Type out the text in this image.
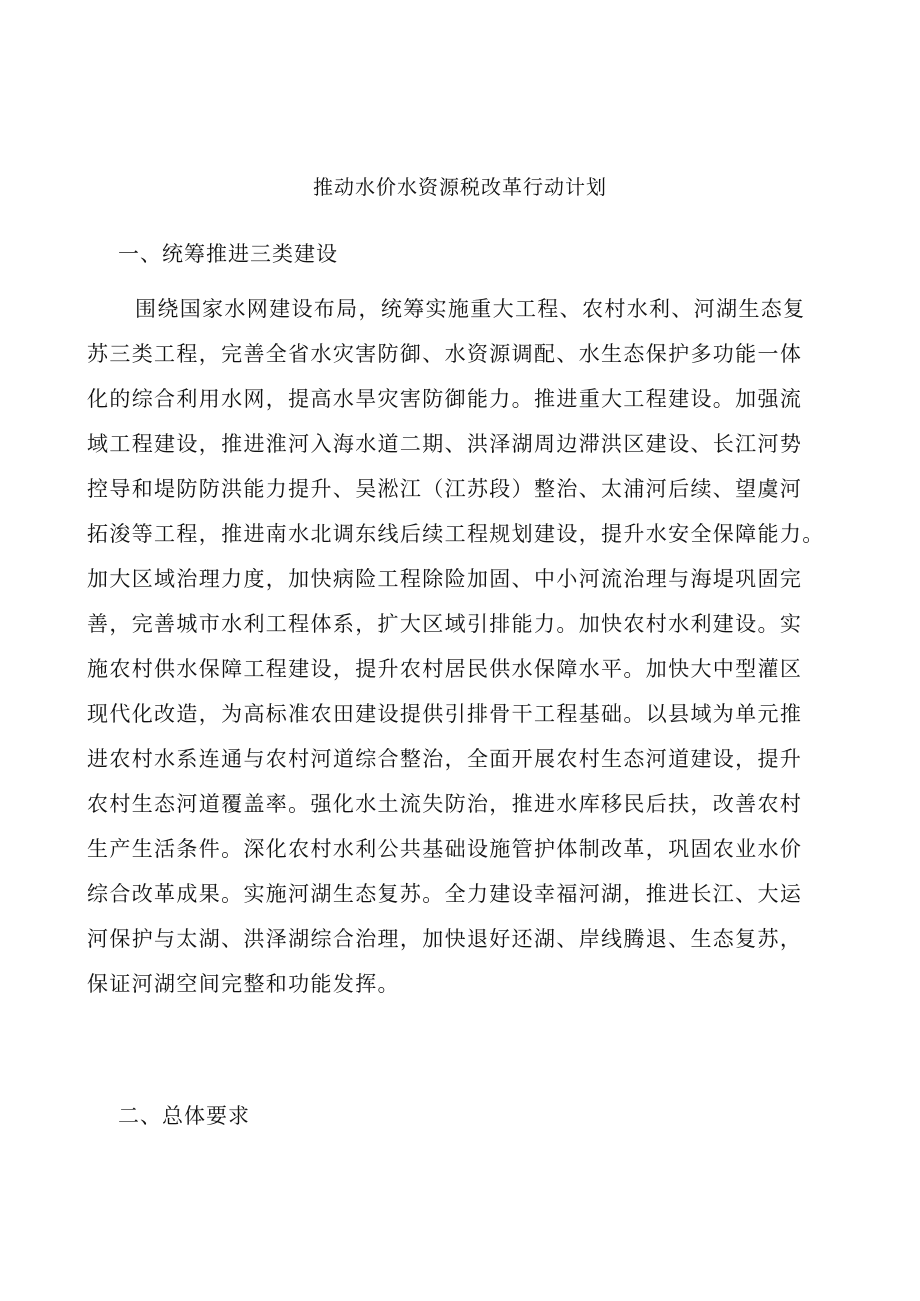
推动水价水资源税改革行动计划
一、统筹推进三类建设
围绕国家水网建设布局，统筹实施重大工程、农村水利、河湖生态复
苏三类工程，完善全省水灾害防御、水资源调配、水生态保护多功能一体
化的综合利用水网，提高水旱灾害防御能力。推进重大工程建设。加强流
域工程建设，推进淮河入海水道二期、洪泽湖周边滞洪区建设、长江河势
控导和堤防防洪能力提升、吴淞江（江苏段）整治、太浦河后续、望虞河
拓浚等工程，推进南水北调东线后续工程规划建设，提升水安全保障能力。
加大区域治理力度，加快病险工程除险加固、中小河流治理与海堤巩固完
善，完善城市水利工程体系，扩大区域引排能力。加快农村水利建设。实
施农村供水保障工程建设，提升农村居民供水保障水平。加快大中型灌区
现代化改造，为高标准农田建设提供引排骨干工程基础。以县域为单元推
进农村水系连通与农村河道综合整治，全面开展农村生态河道建设，提升
农村生态河道覆盖率。强化水土流失防治，推进水库移民后扶，改善农村
生产生活条件。深化农村水利公共基础设施管护体制改革，巩固农业水价
综合改革成果。实施河湖生态复苏。全力建设幸福河湖，推进长江、大运
河保护与太湖、洪泽湖综合治理，加快退好还湖、岸线腾退、生态复苏，
保证河湖空间完整和功能发挥。
二、总体要求
